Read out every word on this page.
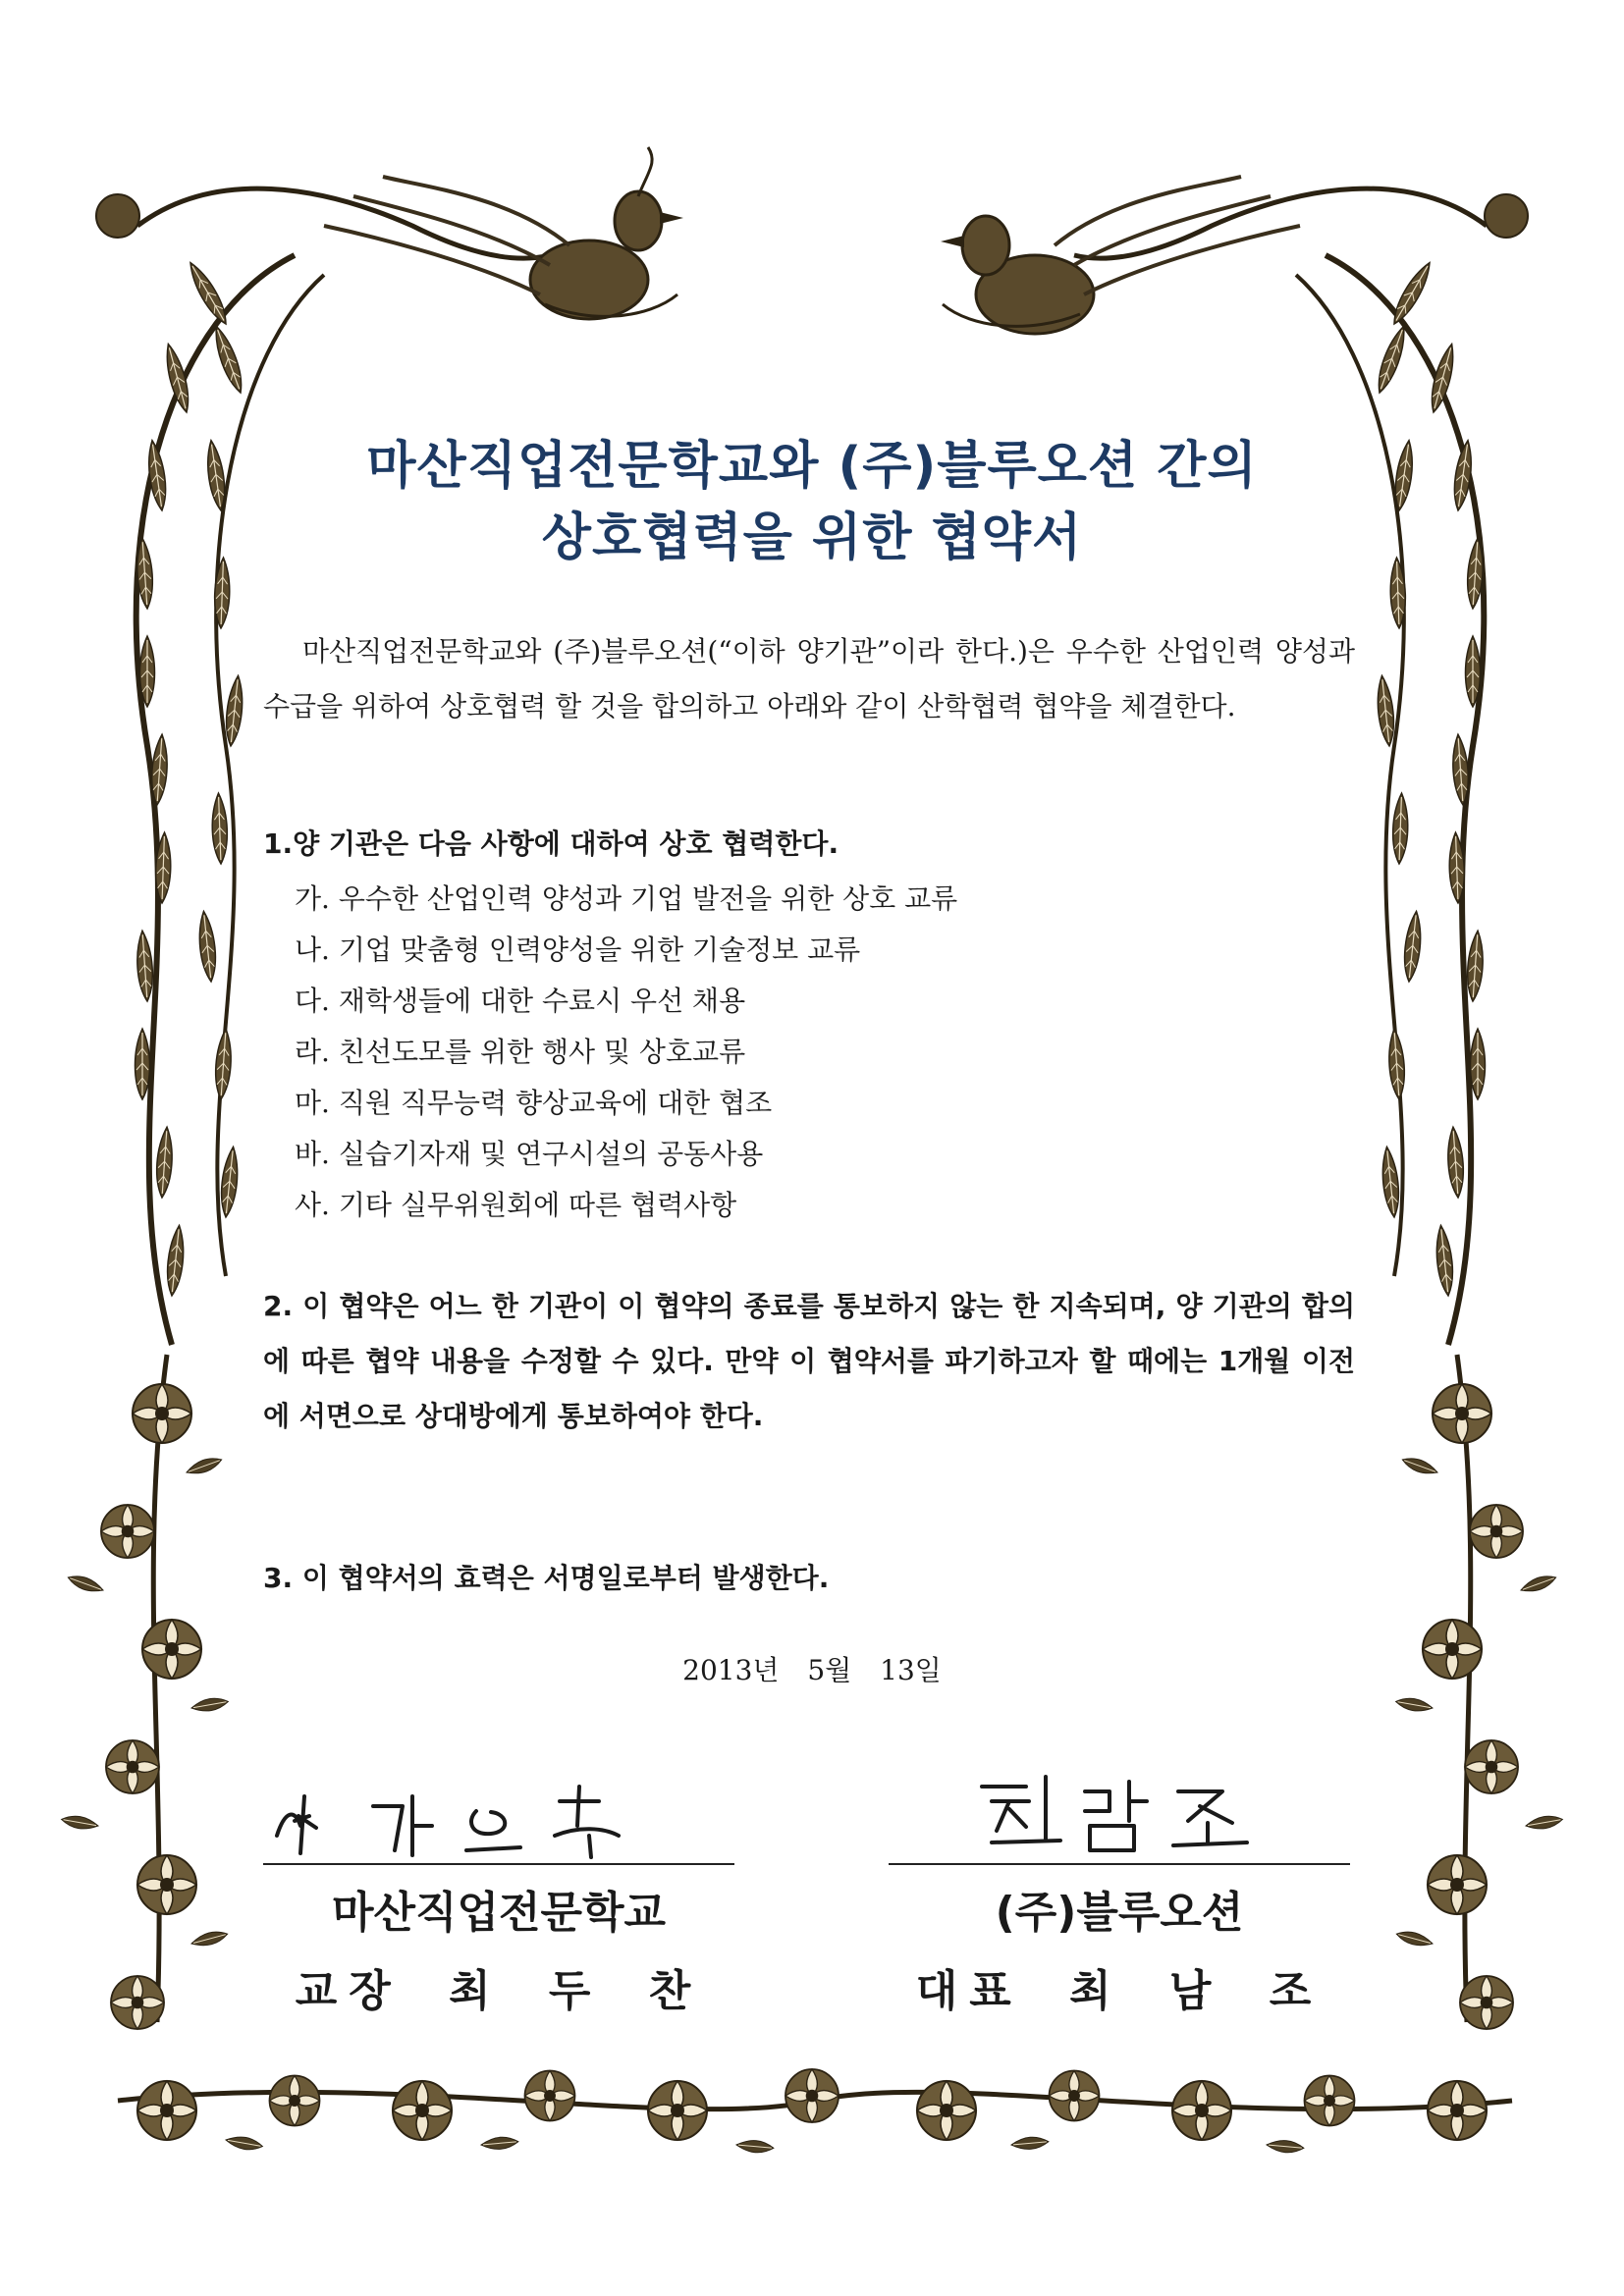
마산직업전문학교와 (주)블루오션 간의
상호협력을 위한 협약서
마산직업전문학교와 (주)블루오션(“이하 양기관”이라 한다.)은 우수한 산업인력 양성과 수급을 위하여 상호협력 할 것을 합의하고 아래와 같이 산학협력 협약을 체결한다.
1.양 기관은 다음 사항에 대하여 상호 협력한다.
가. 우수한 산업인력 양성과 기업 발전을 위한 상호 교류
나. 기업 맞춤형 인력양성을 위한 기술정보 교류
다. 재학생들에 대한 수료시 우선 채용
라. 친선도모를 위한 행사 및 상호교류
마. 직원 직무능력 향상교육에 대한 협조
바. 실습기자재 및 연구시설의 공동사용
사. 기타 실무위원회에 따른 협력사항
2. 이 협약은 어느 한 기관이 이 협약의 종료를 통보하지 않는 한 지속되며, 양 기관의 합의에 따른 협약 내용을 수정할 수 있다. 만약 이 협약서를 파기하고자 할 때에는 1개월 이전에 서면으로 상대방에게 통보하여야 한다.
3. 이 협약서의 효력은 서명일로부터 발생한다.
2013년 5월 13일
마산직업전문학교	(주)블루오션
교장 최 두 찬	대표 최 남 조
